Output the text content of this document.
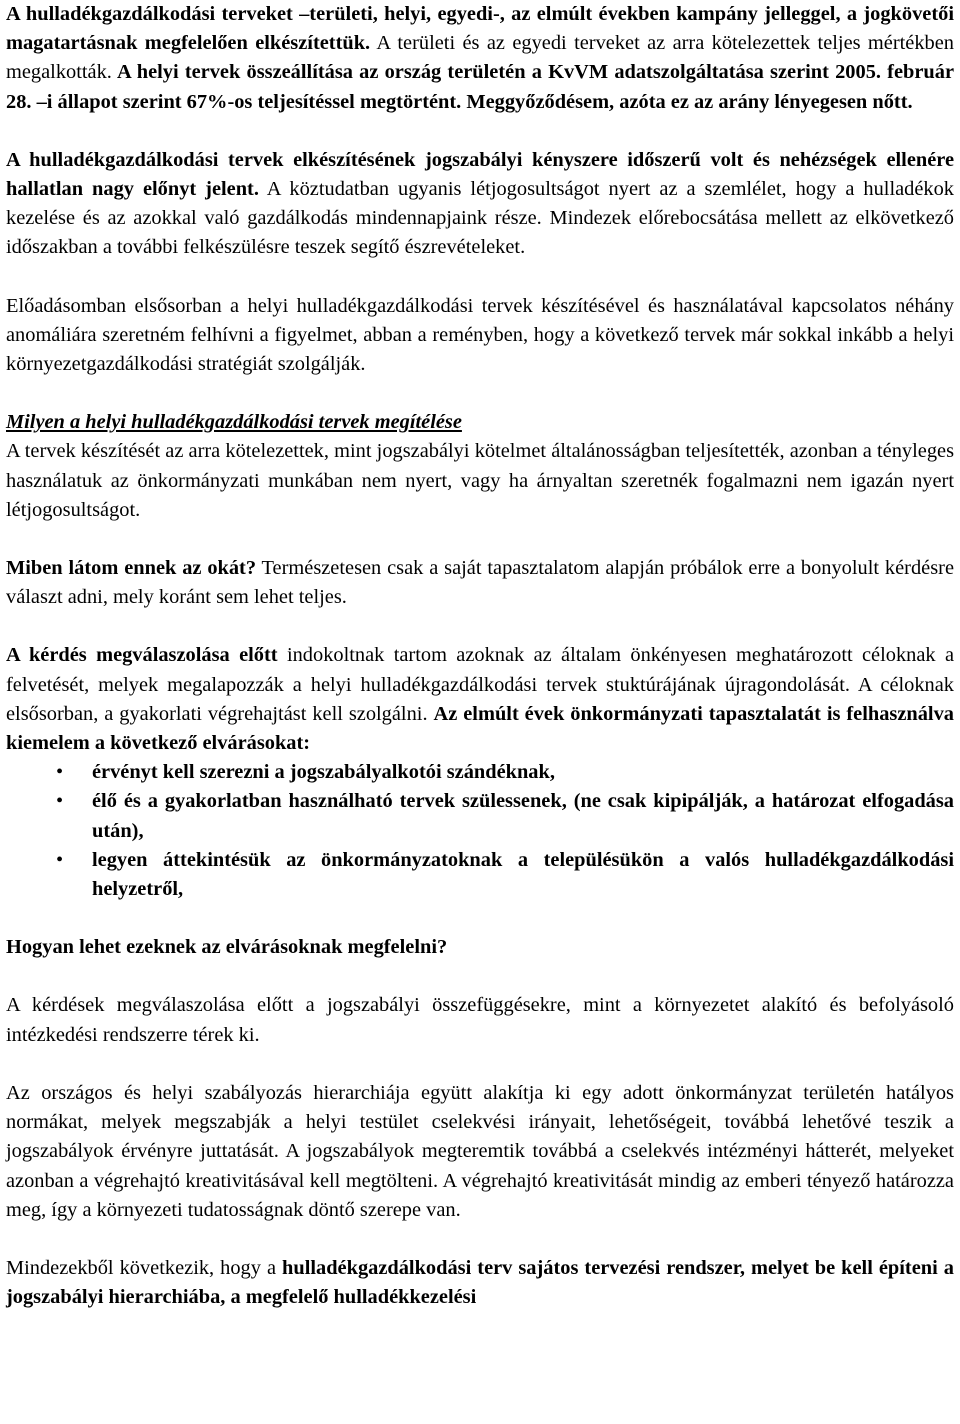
A hulladékgazdálkodási terveket –területi, helyi, egyedi-, az elmúlt években kampány jelleggel, a jogkövetői magatartásnak megfelelően elkészítettük. A területi és az egyedi terveket az arra kötelezettek teljes mértékben megalkották. A helyi tervek összeállítása az ország területén a KvVM adatszolgáltatása szerint 2005. február 28. –i állapot szerint 67%-os teljesítéssel megtörtént. Meggyőződésem, azóta ez az arány lényegesen nőtt.

A hulladékgazdálkodási tervek elkészítésének jogszabályi kényszere időszerű volt és nehézségek ellenére hallatlan nagy előnyt jelent. A köztudatban ugyanis létjogosultságot nyert az a szemlélet, hogy a hulladékok kezelése és az azokkal való gazdálkodás mindennapjaink része. Mindezek előrebocsátása mellett az elkövetkező időszakban a további felkészülésre teszek segítő észrevételeket.

Előadásomban elsősorban a helyi hulladékgazdálkodási tervek készítésével és használatával kapcsolatos néhány anomáliára szeretném felhívni a figyelmet, abban a reményben, hogy a következő tervek már sokkal inkább a helyi környezetgazdálkodási stratégiát szolgálják.

Milyen a helyi hulladékgazdálkodási tervek megítélése

A tervek készítését az arra kötelezettek, mint jogszabályi kötelmet általánosságban teljesítették, azonban a tényleges használatuk az önkormányzati munkában nem nyert, vagy ha árnyaltan szeretnék fogalmazni nem igazán nyert létjogosultságot.

Miben látom ennek az okát? Természetesen csak a saját tapasztalatom alapján próbálok erre a bonyolult kérdésre választ adni, mely koránt sem lehet teljes.

A kérdés megválaszolása előtt indokoltnak tartom azoknak az általam önkényesen meghatározott céloknak a felvetését, melyek megalapozzák a helyi hulladékgazdálkodási tervek stuktúrájának újragondolását. A céloknak elsősorban, a gyakorlati végrehajtást kell szolgálni. Az elmúlt évek önkormányzati tapasztalatát is felhasználva kiemelem a következő elvárásokat:

• érvényt kell szerezni a jogszabályalkotói szándéknak,
• élő és a gyakorlatban használható tervek szülessenek, (ne csak kipipálják, a határozat elfogadása után),
• legyen áttekintésük az önkormányzatoknak a településükön a valós hulladékgazdálkodási helyzetről,

Hogyan lehet ezeknek az elvárásoknak megfelelni?

A kérdések megválaszolása előtt a jogszabályi összefüggésekre, mint a környezetet alakító és befolyásoló intézkedési rendszerre térek ki.

Az országos és helyi szabályozás hierarchiája együtt alakítja ki egy adott önkormányzat területén hatályos normákat, melyek megszabják a helyi testület cselekvési irányait, lehetőségeit, továbbá lehetővé teszik a jogszabályok érvényre juttatását. A jogszabályok megteremtik továbbá a cselekvés intézményi hátterét, melyeket azonban a végrehajtó kreativitásával kell megtölteni. A végrehajtó kreativitását mindig az emberi tényező határozza meg, így a környezeti tudatosságnak döntő szerepe van.

Mindezekből következik, hogy a hulladékgazdálkodási terv sajátos tervezési rendszer, melyet be kell építeni a jogszabályi hierarchiába, a megfelelő hulladékkezelési
